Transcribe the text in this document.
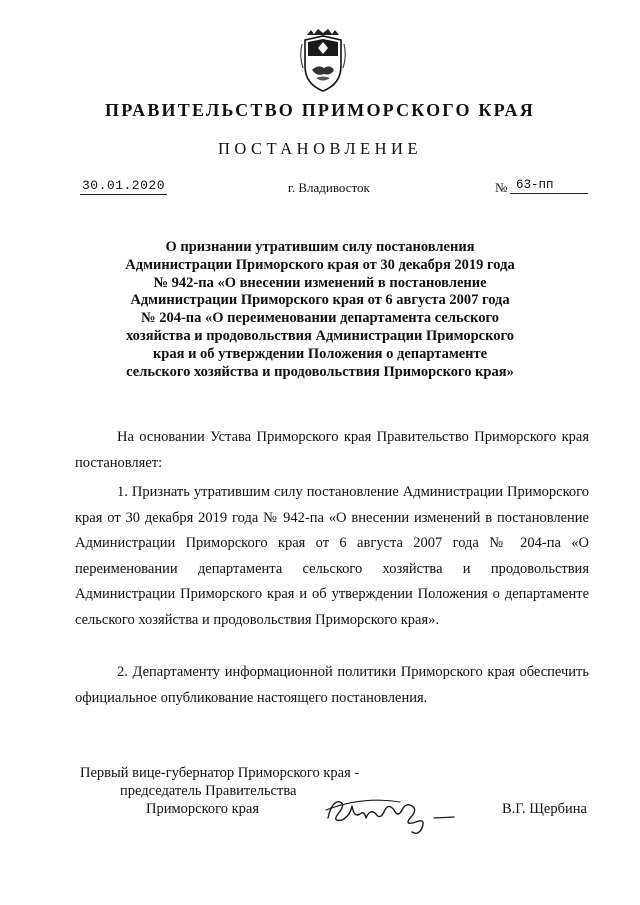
ПРАВИТЕЛЬСТВО ПРИМОРСКОГО КРАЯ
ПОСТАНОВЛЕНИЕ
30.01.2020	г. Владивосток	№ 63-пп
О признании утратившим силу постановления
Администрации Приморского края от 30 декабря 2019 года
№ 942-па «О внесении изменений в постановление
Администрации Приморского края от 6 августа 2007 года
№ 204-па «О переименовании департамента сельского
хозяйства и продовольствия Администрации Приморского
края и об утверждении Положения о департаменте
сельского хозяйства и продовольствия Приморского края»

На основании Устава Приморского края Правительство Приморского края постановляет:

1. Признать утратившим силу постановление Администрации Приморского края от 30 декабря 2019 года № 942-па «О внесении изменений в постановление Администрации Приморского края от 6 августа 2007 года № 204-па «О переименовании департамента сельского хозяйства и продовольствия Администрации Приморского края и об утверждении Положения о департаменте сельского хозяйства и продовольствия Приморского края».

2. Департаменту информационной политики Приморского края обеспечить официальное опубликование настоящего постановления.

Первый вице-губернатор Приморского края -
председатель Правительства
Приморского края	В.Г. Щербина
